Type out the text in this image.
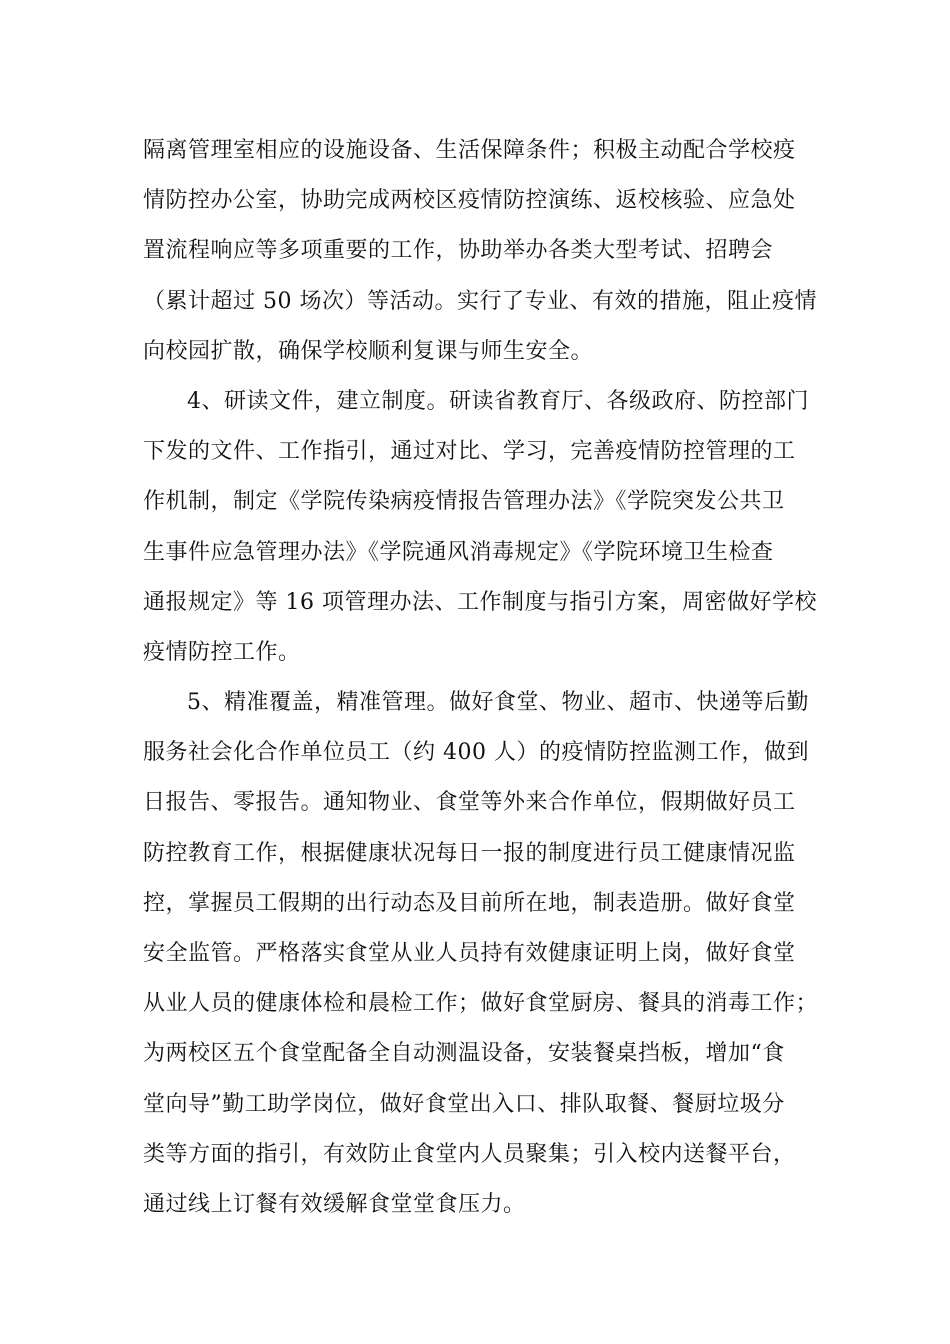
隔离管理室相应的设施设备、生活保障条件；积极主动配合学校疫
情防控办公室，协助完成两校区疫情防控演练、返校核验、应急处
置流程响应等多项重要的工作，协助举办各类大型考试、招聘会
（累计超过 50 场次）等活动。实行了专业、有效的措施，阻止疫情
向校园扩散，确保学校顺利复课与师生安全。
4、研读文件，建立制度。研读省教育厅、各级政府、防控部门
下发的文件、工作指引，通过对比、学习，完善疫情防控管理的工
作机制，制定《学院传染病疫情报告管理办法》《学院突发公共卫
生事件应急管理办法》《学院通风消毒规定》《学院环境卫生检查
通报规定》等 16 项管理办法、工作制度与指引方案，周密做好学校
疫情防控工作。
5、精准覆盖，精准管理。做好食堂、物业、超市、快递等后勤
服务社会化合作单位员工（约 400 人）的疫情防控监测工作，做到
日报告、零报告。通知物业、食堂等外来合作单位，假期做好员工
防控教育工作，根据健康状况每日一报的制度进行员工健康情况监
控，掌握员工假期的出行动态及目前所在地，制表造册。做好食堂
安全监管。严格落实食堂从业人员持有效健康证明上岗，做好食堂
从业人员的健康体检和晨检工作；做好食堂厨房、餐具的消毒工作；
为两校区五个食堂配备全自动测温设备，安装餐桌挡板，增加“食
堂向导”勤工助学岗位，做好食堂出入口、排队取餐、餐厨垃圾分
类等方面的指引，有效防止食堂内人员聚集；引入校内送餐平台，
通过线上订餐有效缓解食堂堂食压力。
